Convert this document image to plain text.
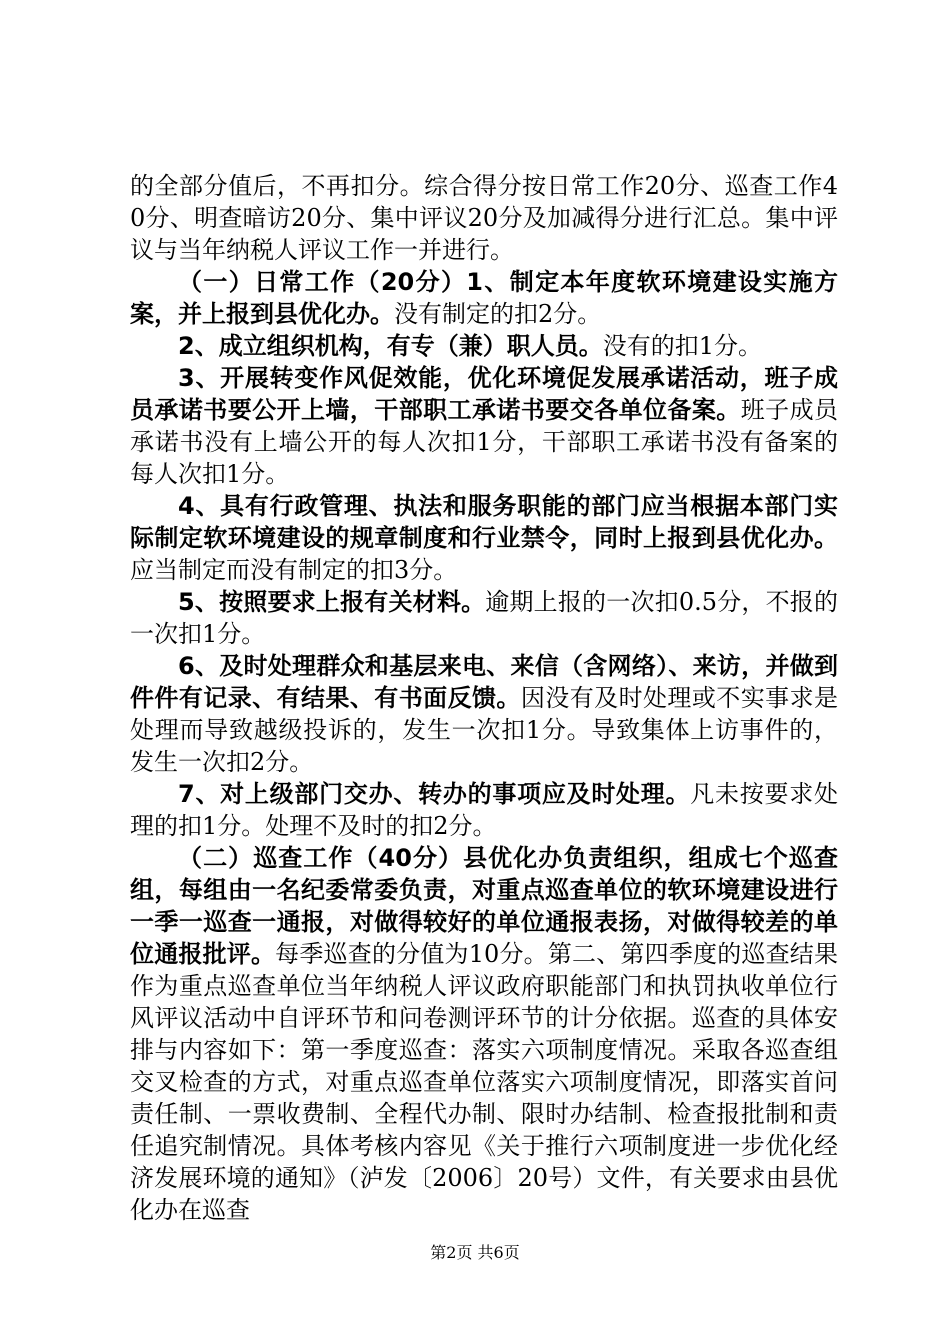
的全部分值后，不再扣分。综合得分按日常工作20分、巡查工作40分、明查暗访20分、集中评议20分及加减得分进行汇总。集中评议与当年纳税人评议工作一并进行。

（一）日常工作（20分）1、制定本年度软环境建设实施方案，并上报到县优化办。没有制定的扣2分。

2、成立组织机构，有专（兼）职人员。没有的扣1分。

3、开展转变作风促效能，优化环境促发展承诺活动，班子成员承诺书要公开上墙，干部职工承诺书要交各单位备案。班子成员承诺书没有上墙公开的每人次扣1分，干部职工承诺书没有备案的每人次扣1分。

4、具有行政管理、执法和服务职能的部门应当根据本部门实际制定软环境建设的规章制度和行业禁令，同时上报到县优化办。应当制定而没有制定的扣3分。

5、按照要求上报有关材料。逾期上报的一次扣0.5分，不报的一次扣1分。

6、及时处理群众和基层来电、来信（含网络）、来访，并做到件件有记录、有结果、有书面反馈。因没有及时处理或不实事求是处理而导致越级投诉的，发生一次扣1分。导致集体上访事件的，发生一次扣2分。

7、对上级部门交办、转办的事项应及时处理。凡未按要求处理的扣1分。处理不及时的扣2分。

（二）巡查工作（40分）县优化办负责组织，组成七个巡查组，每组由一名纪委常委负责，对重点巡查单位的软环境建设进行一季一巡查一通报，对做得较好的单位通报表扬，对做得较差的单位通报批评。每季巡查的分值为10分。第二、第四季度的巡查结果作为重点巡查单位当年纳税人评议政府职能部门和执罚执收单位行风评议活动中自评环节和问卷测评环节的计分依据。巡查的具体安排与内容如下：第一季度巡查：落实六项制度情况。采取各巡查组交叉检查的方式，对重点巡查单位落实六项制度情况，即落实首问责任制、一票收费制、全程代办制、限时办结制、检查报批制和责任追究制情况。具体考核内容见《关于推行六项制度进一步优化经济发展环境的通知》（泸发〔2006〕20号）文件，有关要求由县优化办在巡查

第2页 共6页
